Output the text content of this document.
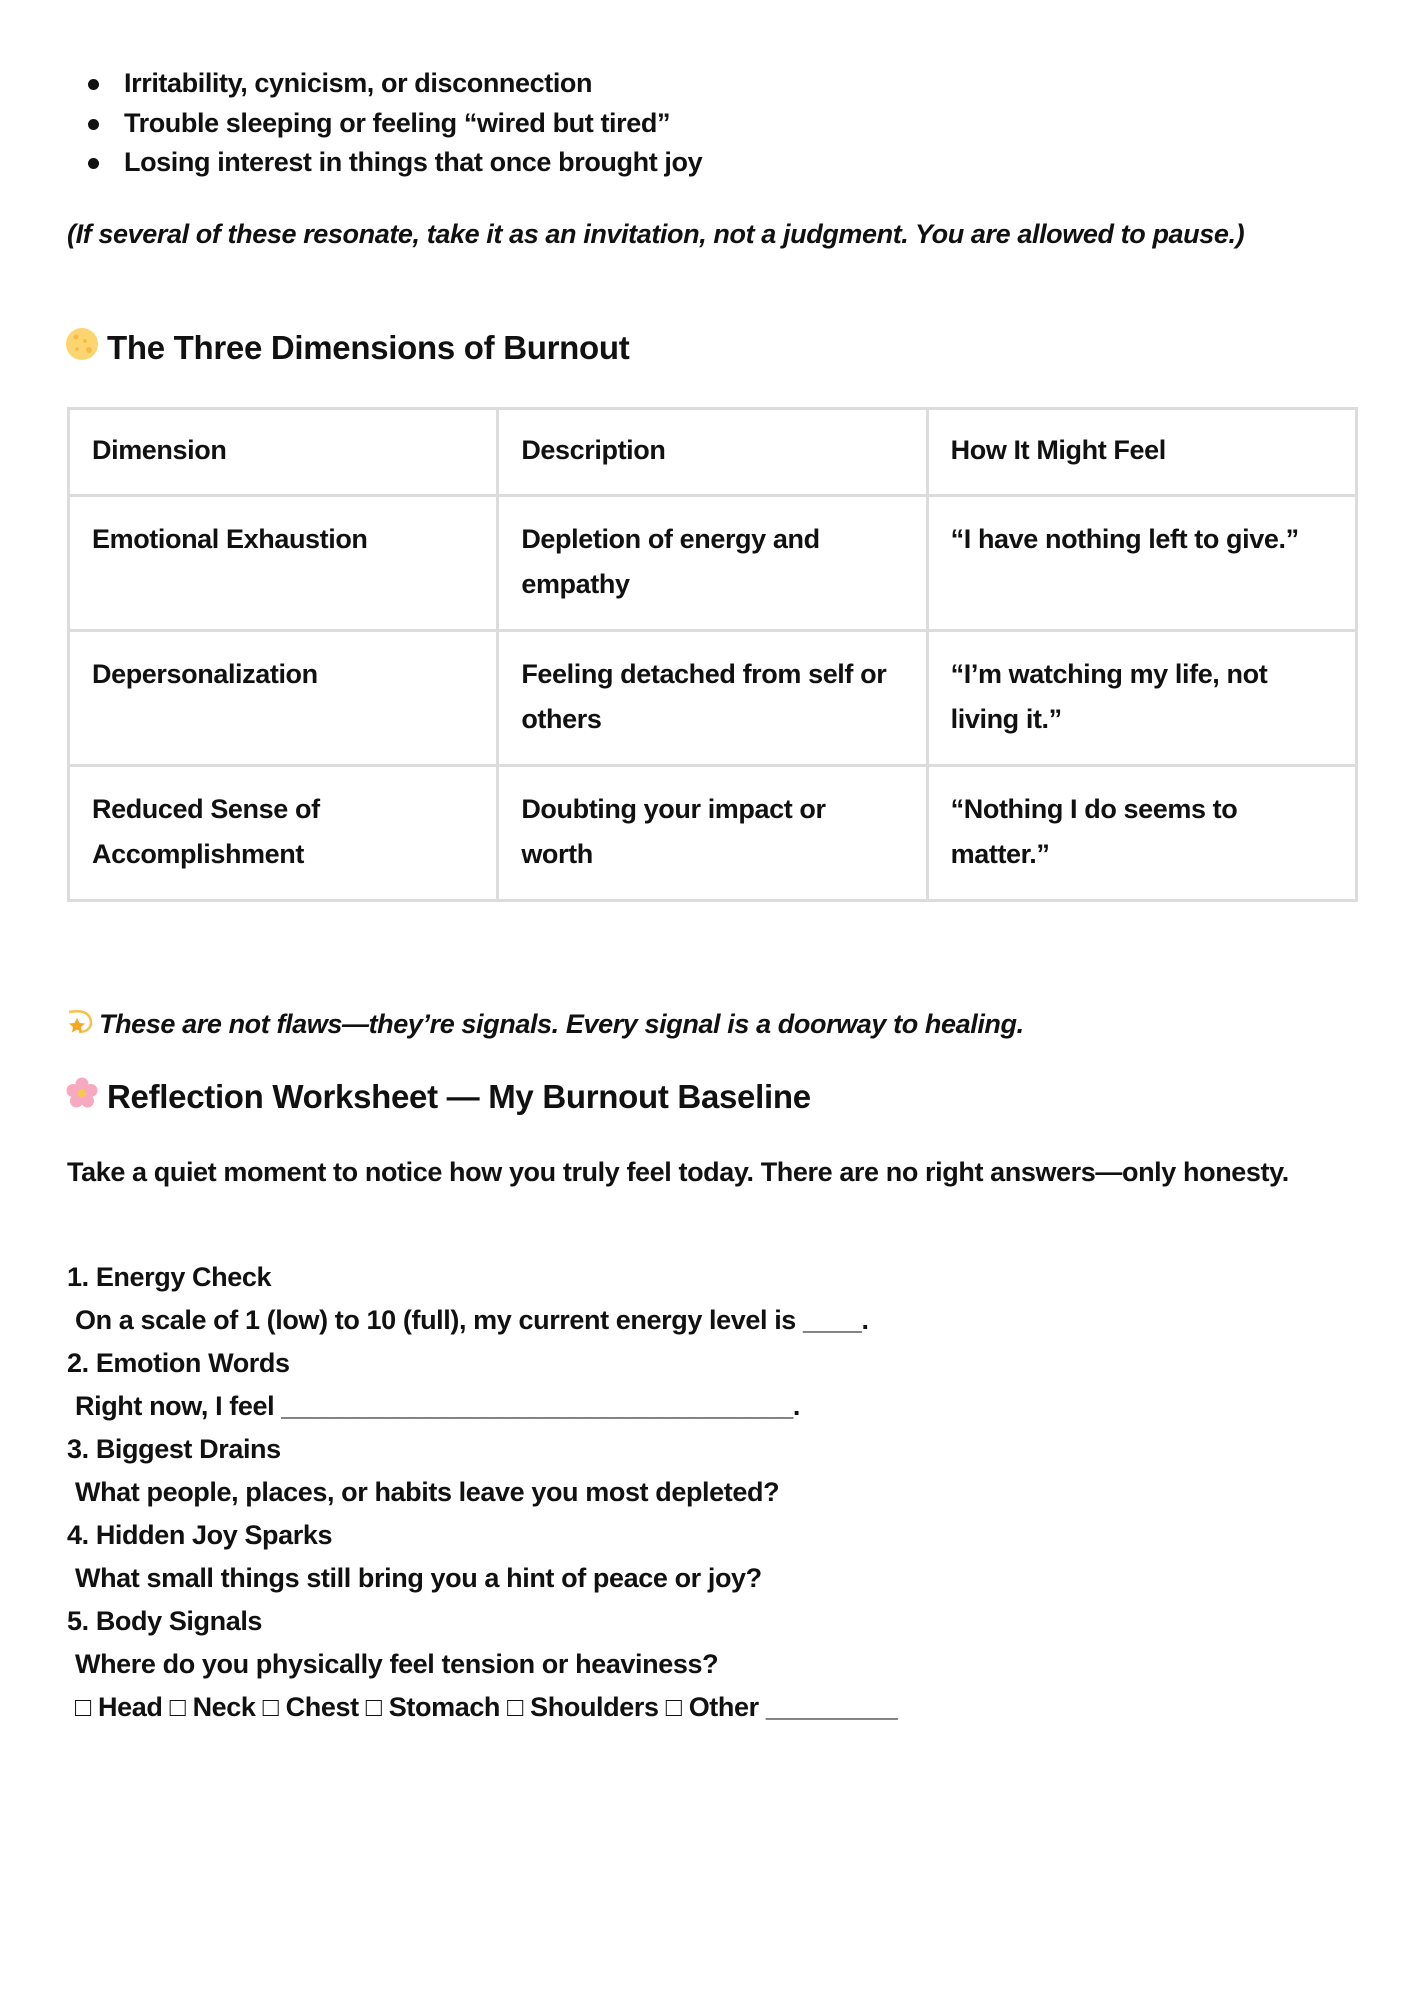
Irritability, cynicism, or disconnection
Trouble sleeping or feeling “wired but tired”
Losing interest in things that once brought joy
(If several of these resonate, take it as an invitation, not a judgment. You are allowed to pause.)
The Three Dimensions of Burnout
Dimension	Description	How It Might Feel
Emotional Exhaustion	Depletion of energy and empathy	“I have nothing left to give.”
Depersonalization	Feeling detached from self or others	“I’m watching my life, not living it.”
Reduced Sense of Accomplishment	Doubting your impact or worth	“Nothing I do seems to matter.”
These are not flaws—they’re signals. Every signal is a doorway to healing.
Reflection Worksheet — My Burnout Baseline
Take a quiet moment to notice how you truly feel today. There are no right answers—only honesty.
1. Energy Check
On a scale of 1 (low) to 10 (full), my current energy level is ____.
2. Emotion Words
Right now, I feel ___________________________________.
3. Biggest Drains
What people, places, or habits leave you most depleted?
4. Hidden Joy Sparks
What small things still bring you a hint of peace or joy?
5. Body Signals
Where do you physically feel tension or heaviness?
□ Head □ Neck □ Chest □ Stomach □ Shoulders □ Other _________
